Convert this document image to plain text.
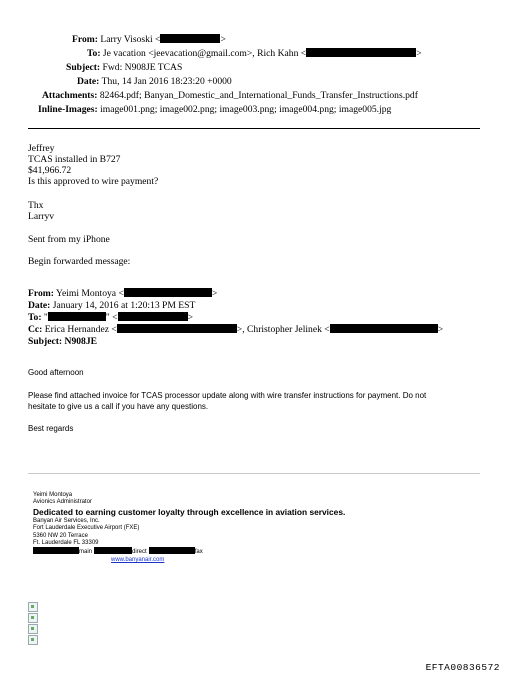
From: Larry Visoski <	>
To: Je vacation <jeevacation@gmail.com>, Rich Kahn <	>
Subject: Fwd: N908JE TCAS
Date: Thu, 14 Jan 2016 18:23:20 +0000
Attachments: 82464.pdf; Banyan_Domestic_and_International_Funds_Transfer_Instructions.pdf
Inline-Images: image001.png; image002.png; image003.png; image004.png; image005.jpg
Jeffrey
TCAS installed in B727
$41,966.72
Is this approved to wire payment?
Thx
Larryv
Sent from my iPhone
Begin forwarded message:
From: Yeimi Montoya <	>
Date: January 14, 2016 at 1:20:13 PM EST
To: "	" <	>
Cc: Erica Hernandez <	>, Christopher Jelinek <	>
Subject: N908JE
Good afternoon
Please find attached invoice for TCAS processor update along with wire transfer instructions for payment. Do not
hesitate to give us a call if you have any questions.
Best regards
Yeimi Montoya
Avionics Administrator
Dedicated to earning customer loyalty through excellence in aviation services.
Banyan Air Services, Inc.
Fort Lauderdale Executive Airport (FXE)
5360 NW 20 Terrace
Ft. Lauderdale FL 33309
main	direct	fax
www.banyanair.com
EFTA00836572
